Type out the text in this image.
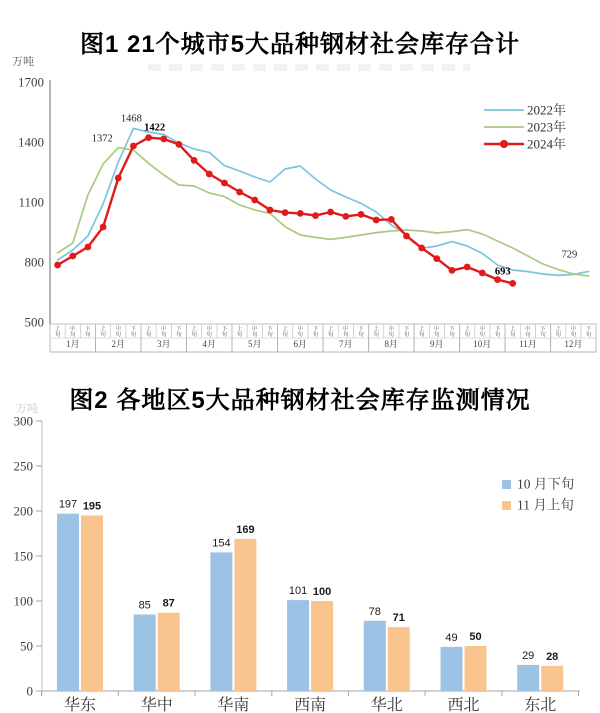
图1 21个城市5大品种钢材社会库存合计
万吨
1700
1400
1100
800
500
1月
上旬
中旬
下旬
2月
上旬
中旬
下旬
3月
上旬
中旬
下旬
4月
上旬
中旬
下旬
5月
上旬
中旬
下旬
6月
上旬
中旬
下旬
7月
上旬
中旬
下旬
8月
上旬
中旬
下旬
9月
上旬
中旬
下旬
10月
上旬
中旬
下旬
11月
上旬
中旬
下旬
12月
上旬
中旬
下旬
1468
1372
1422
729
693
2022年
2023年
2024年
图2 各地区5大品种钢材社会库存监测情况
万吨
300
250
200
150
100
50
0
华东
197 195
华中
85 87
华南
154
169
西南
101 100
华北
78
71
西北
49 50
东北
29 28
10 月下旬
11 月上旬
